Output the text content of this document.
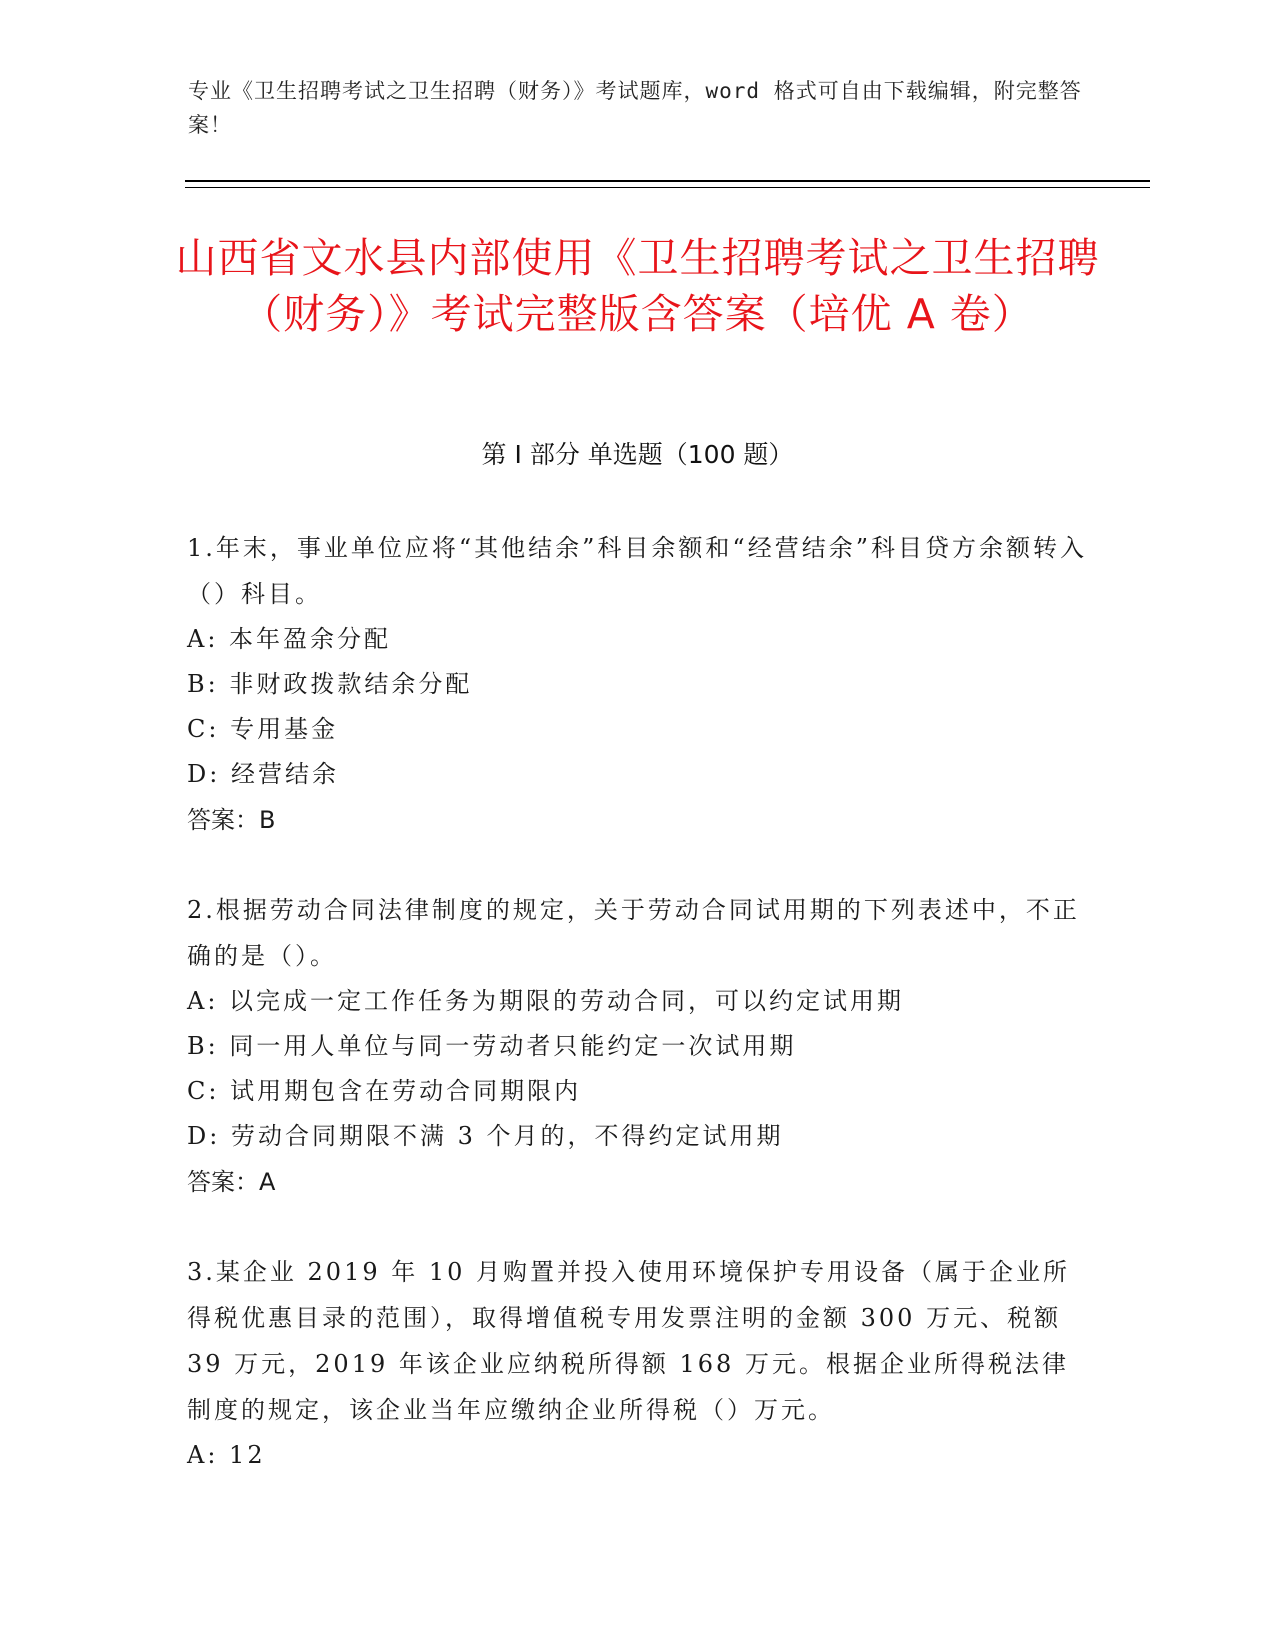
专业《卫生招聘考试之卫生招聘（财务）》考试题库，word 格式可自由下载编辑，附完整答案！
山西省文水县内部使用《卫生招聘考试之卫生招聘（财务）》考试完整版含答案（培优 A 卷）
第 I 部分 单选题（100 题）

1.年末，事业单位应将“其他结余”科目余额和“经营结余”科目贷方余额转入（）科目。

A: 本年盈余分配

B: 非财政拨款结余分配

C: 专用基金

D: 经营结余

答案：B

2.根据劳动合同法律制度的规定，关于劳动合同试用期的下列表述中，不正确的是（）。

A: 以完成一定工作任务为期限的劳动合同，可以约定试用期

B: 同一用人单位与同一劳动者只能约定一次试用期

C: 试用期包含在劳动合同期限内

D: 劳动合同期限不满 3 个月的，不得约定试用期

答案：A

3.某企业 2019 年 10 月购置并投入使用环境保护专用设备（属于企业所得税优惠目录的范围），取得增值税专用发票注明的金额 300 万元、税额 39 万元，2019 年该企业应纳税所得额 168 万元。根据企业所得税法律制度的规定，该企业当年应缴纳企业所得税（）万元。

A: 12
